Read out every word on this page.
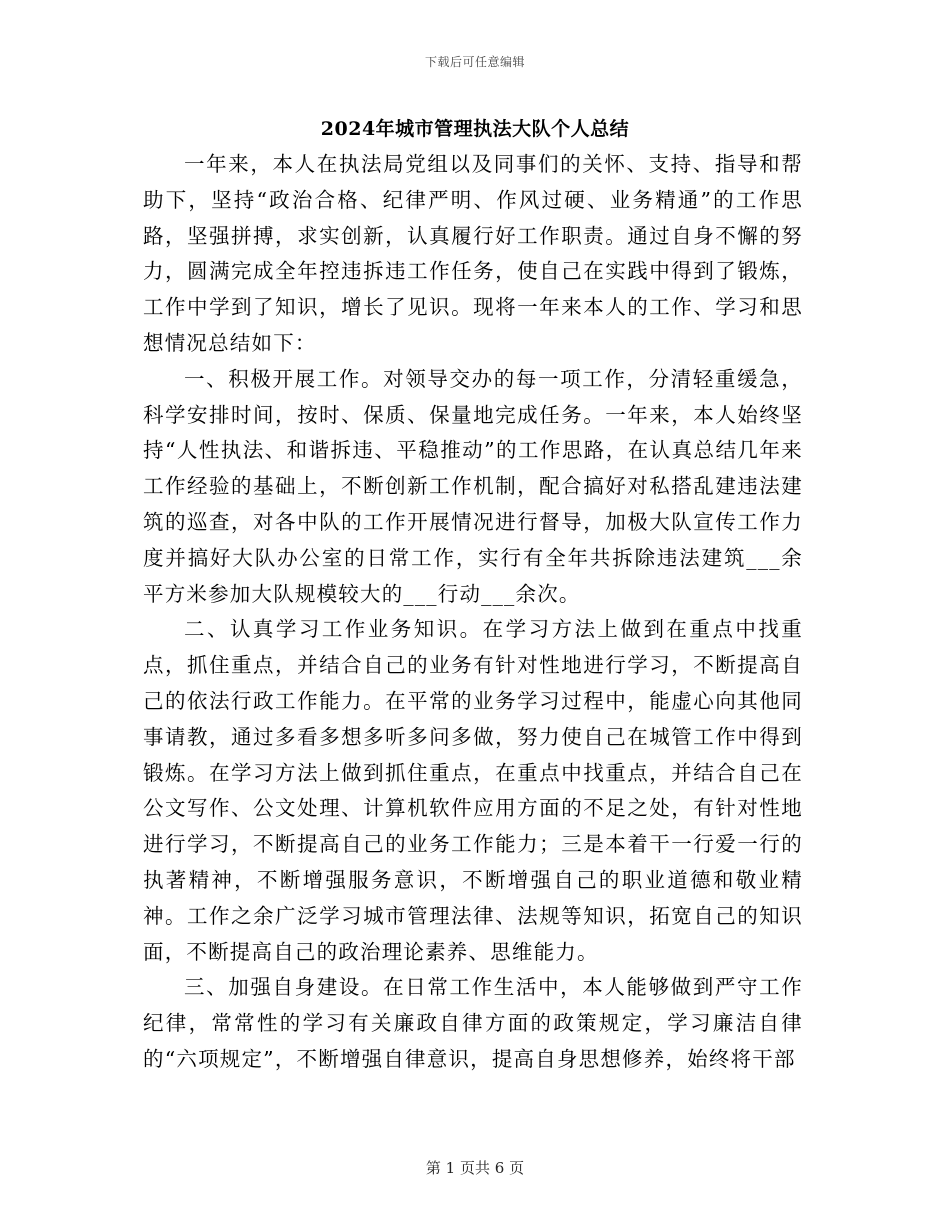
下载后可任意编辑
2024年城市管理执法大队个人总结

一年来，本人在执法局党组以及同事们的关怀、支持、指导和帮助下，坚持“政治合格、纪律严明、作风过硬、业务精通”的工作思路，坚强拼搏，求实创新，认真履行好工作职责。通过自身不懈的努力，圆满完成全年控违拆违工作任务，使自己在实践中得到了锻炼，工作中学到了知识，增长了见识。现将一年来本人的工作、学习和思想情况总结如下：

一、积极开展工作。对领导交办的每一项工作，分清轻重缓急，科学安排时间，按时、保质、保量地完成任务。一年来，本人始终坚持“人性执法、和谐拆违、平稳推动”的工作思路，在认真总结几年来工作经验的基础上，不断创新工作机制，配合搞好对私搭乱建违法建筑的巡查，对各中队的工作开展情况进行督导，加极大队宣传工作力度并搞好大队办公室的日常工作，实行有全年共拆除违法建筑___余平方米参加大队规模较大的___行动___余次。

二、认真学习工作业务知识。在学习方法上做到在重点中找重点，抓住重点，并结合自己的业务有针对性地进行学习，不断提高自己的依法行政工作能力。在平常的业务学习过程中，能虚心向其他同事请教，通过多看多想多听多问多做，努力使自己在城管工作中得到锻炼。在学习方法上做到抓住重点，在重点中找重点，并结合自己在公文写作、公文处理、计算机软件应用方面的不足之处，有针对性地进行学习，不断提高自己的业务工作能力；三是本着干一行爱一行的执著精神，不断增强服务意识，不断增强自己的职业道德和敬业精神。工作之余广泛学习城市管理法律、法规等知识，拓宽自己的知识面，不断提高自己的政治理论素养、思维能力。

三、加强自身建设。在日常工作生活中，本人能够做到严守工作纪律，常常性的学习有关廉政自律方面的政策规定，学习廉洁自律的“六项规定”，不断增强自律意识，提高自身思想修养，始终将干部

第 1 页共 6 页
